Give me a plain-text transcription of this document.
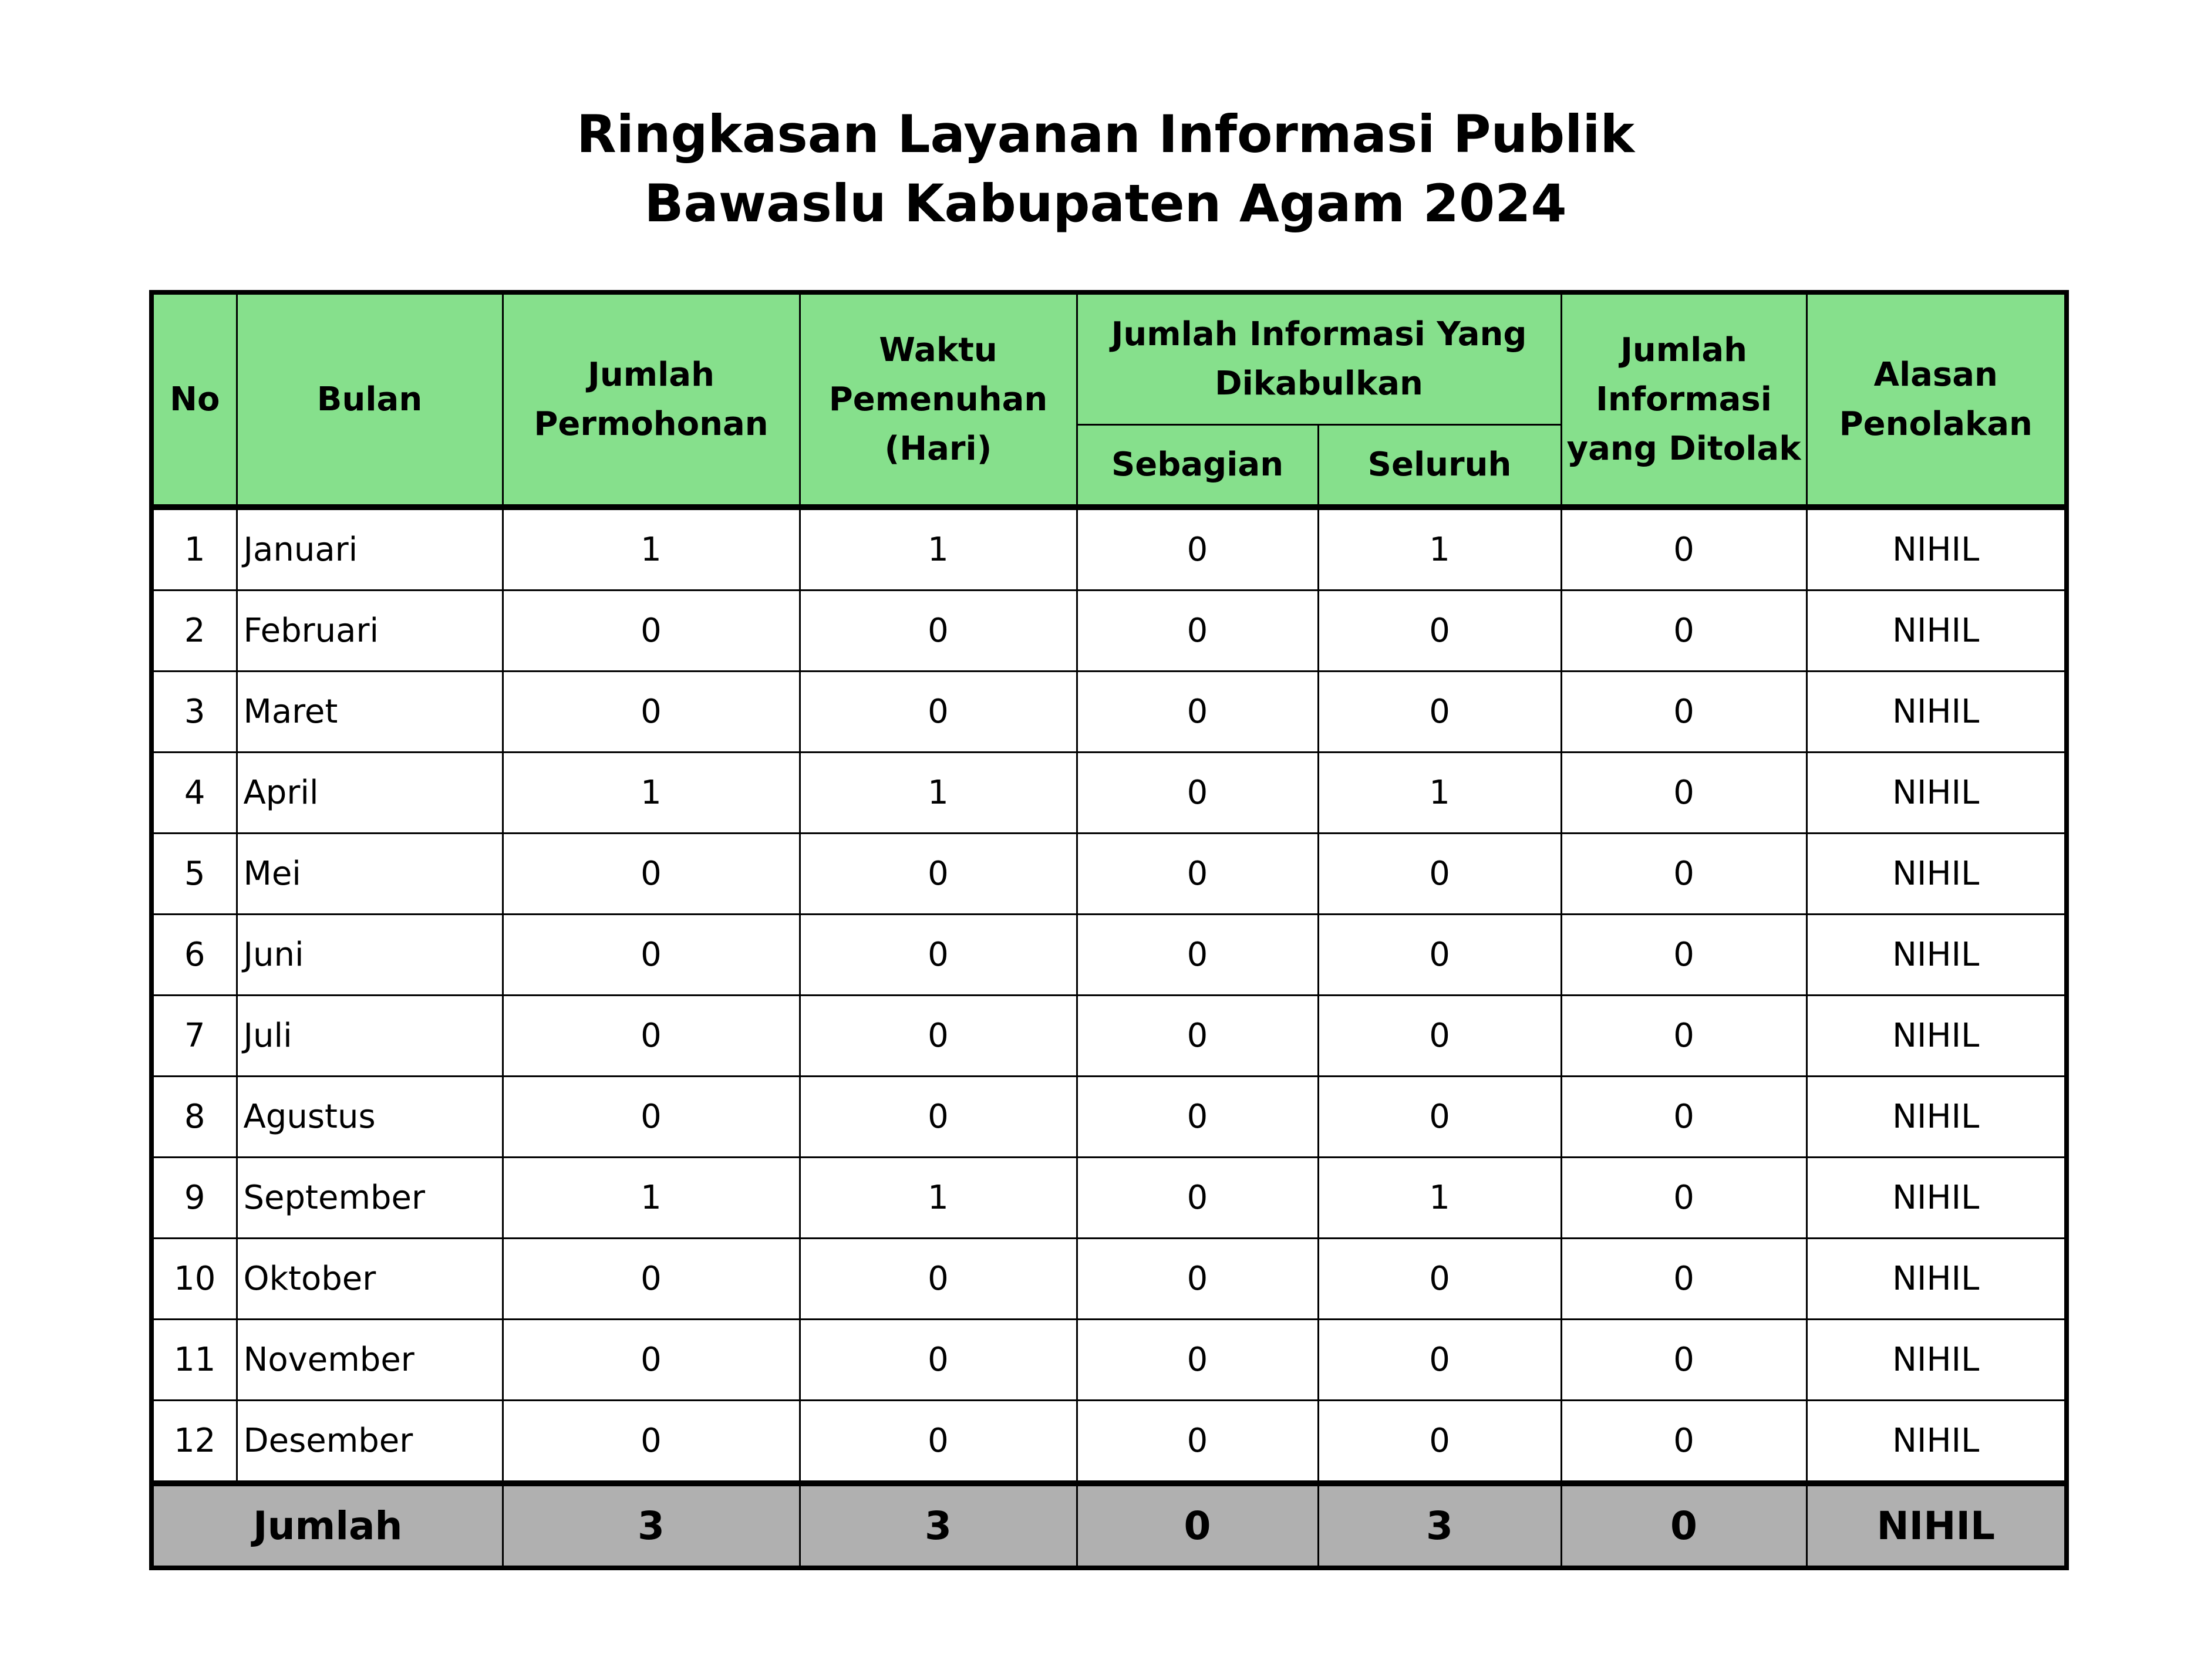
Ringkasan Layanan Informasi Publik
Bawaslu Kabupaten Agam 2024
No	Bulan	Jumlah Permohonan	Waktu Pemenuhan (Hari)	Jumlah Informasi Yang Dikabulkan		Jumlah Informasi yang Ditolak	Alasan Penolakan
				Sebagian	Seluruh		
1	Januari	1	1	0	1	0	NIHIL
2	Februari	0	0	0	0	0	NIHIL
3	Maret	0	0	0	0	0	NIHIL
4	April	1	1	0	1	0	NIHIL
5	Mei	0	0	0	0	0	NIHIL
6	Juni	0	0	0	0	0	NIHIL
7	Juli	0	0	0	0	0	NIHIL
8	Agustus	0	0	0	0	0	NIHIL
9	September	1	1	0	1	0	NIHIL
10	Oktober	0	0	0	0	0	NIHIL
11	November	0	0	0	0	0	NIHIL
12	Desember	0	0	0	0	0	NIHIL
Jumlah		3	3	0	3	0	NIHIL
